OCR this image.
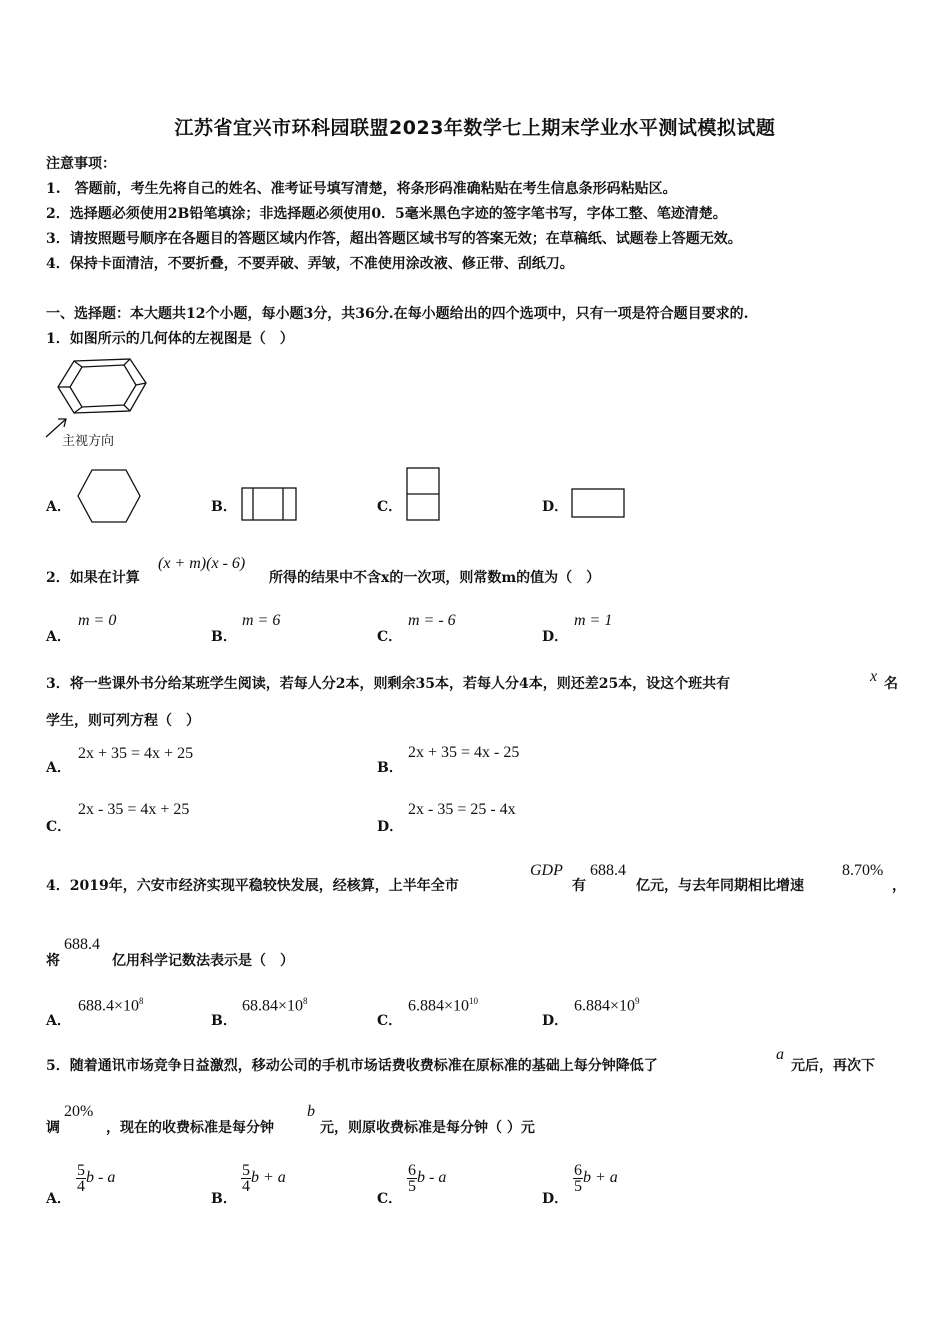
江苏省宜兴市环科园联盟2023年数学七上期末学业水平测试模拟试题
注意事项：
1.　答题前，考生先将自己的姓名、准考证号填写清楚，将条形码准确粘贴在考生信息条形码粘贴区。
2．选择题必须使用2B铅笔填涂；非选择题必须使用0．5毫米黑色字迹的签字笔书写，字体工整、笔迹清楚。
3．请按照题号顺序在各题目的答题区域内作答，超出答题区域书写的答案无效；在草稿纸、试题卷上答题无效。
4．保持卡面清洁，不要折叠，不要弄破、弄皱，不准使用涂改液、修正带、刮纸刀。
一、选择题：本大题共12个小题，每小题3分，共36分.在每小题给出的四个选项中，只有一项是符合题目要求的.
1．如图所示的几何体的左视图是（　）
主视方向
A．	B．	C．	D．
2．如果在计算
(x + m)(x - 6)
所得的结果中不含x的一次项，则常数m的值为（　）
A．
m = 0
B．
m = 6
C．
m = - 6
D．
m = 1
3．将一些课外书分给某班学生阅读，若每人分2本，则剩余35本，若每人分4本，则还差25本，设这个班共有	x 名
学生，则可列方程（　）
A．
2x + 35 = 4x + 25
B．
2x + 35 = 4x - 25
C．
2x - 35 = 4x + 25
D．
2x - 35 = 25 - 4x
4．2019年，六安市经济实现平稳较快发展，经核算，上半年全市
GDP
有
688.4
亿元，与去年同期相比增速
8.70%
，
将
688.4
亿用科学记数法表示是（　）
A．
$688.4\times 10^8$
B．
$68.84\times 10^8$
C．
$6.884\times 10^{10}$
D．
$6.884\times 10^9$
5．随着通讯市场竞争日益激烈，移动公司的手机市场话费收费标准在原标准的基础上每分钟降低了
a
元后，再次下
调
20%
，现在的收费标准是每分钟
b
元，则原收费标准是每分钟（ ）元
A．
$\frac{5}{4}$ b - a
B．
$\frac{5}{4}$ b + a
C．
$\frac{6}{5}$ b - a
D．
$\frac{6}{5}$ b + a
